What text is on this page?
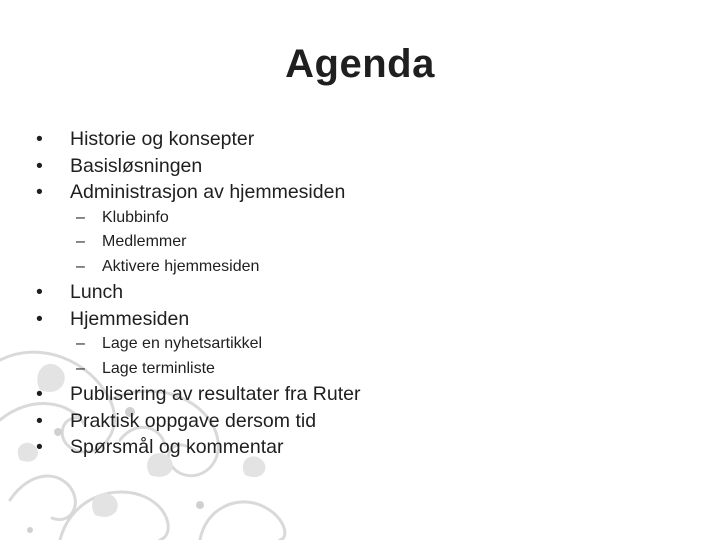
Agenda
•	Historie og konsepter
•	Basisløsningen
•	Administrasjon av hjemmesiden
– Klubbinfo
– Medlemmer
– Aktivere hjemmesiden
•	Lunch
•	Hjemmesiden
– Lage en nyhetsartikkel
– Lage terminliste
•	Publisering av resultater fra Ruter
•	Praktisk oppgave dersom tid
•	Spørsmål og kommentar
